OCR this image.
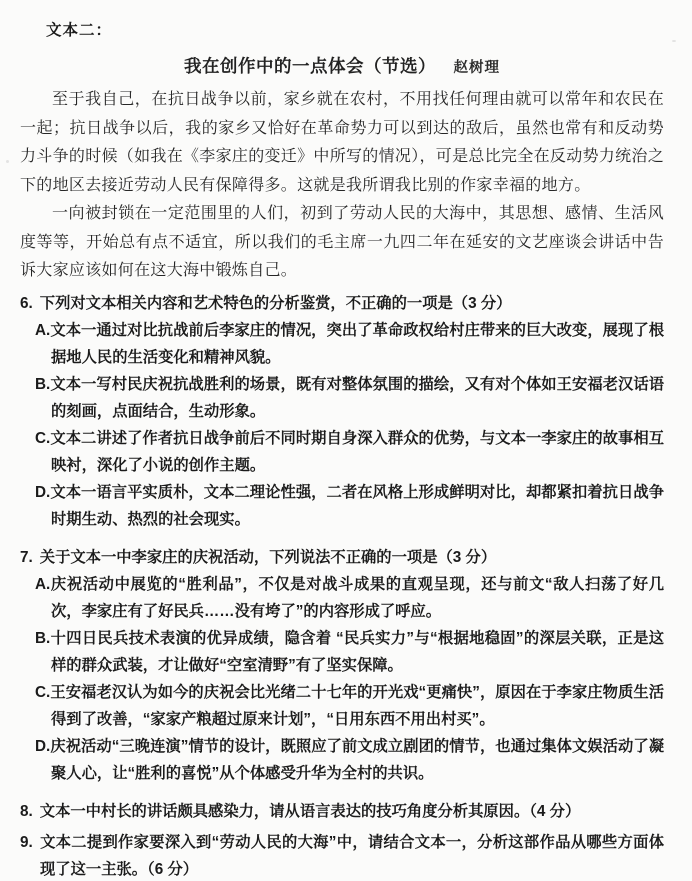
文本二：
我在创作中的一点体会（节选） 赵树理

至于我自己，在抗日战争以前，家乡就在农村，不用找任何理由就可以常年和农民在一起；抗日战争以后，我的家乡又恰好在革命势力可以到达的敌后，虽然也常有和反动势力斗争的时候（如我在《李家庄的变迁》中所写的情况），可是总比完全在反动势力统治之下的地区去接近劳动人民有保障得多。这就是我所谓我比别的作家幸福的地方。

一向被封锁在一定范围里的人们，初到了劳动人民的大海中，其思想、感情、生活风度等等，开始总有点不适宜，所以我们的毛主席一九四二年在延安的文艺座谈会讲话中告诉大家应该如何在这大海中锻炼自己。

6. 下列对文本相关内容和艺术特色的分析鉴赏，不正确的一项是（3 分）
A.文本一通过对比抗战前后李家庄的情况，突出了革命政权给村庄带来的巨大改变，展现了根据地人民的生活变化和精神风貌。
B.文本一写村民庆祝抗战胜利的场景，既有对整体氛围的描绘，又有对个体如王安福老汉话语的刻画，点面结合，生动形象。
C.文本二讲述了作者抗日战争前后不同时期自身深入群众的优势，与文本一李家庄的故事相互映衬，深化了小说的创作主题。
D.文本一语言平实质朴，文本二理论性强，二者在风格上形成鲜明对比，却都紧扣着抗日战争时期生动、热烈的社会现实。
7. 关于文本一中李家庄的庆祝活动，下列说法不正确的一项是（3 分）
A.庆祝活动中展览的“胜利品”，不仅是对战斗成果的直观呈现，还与前文“敌人扫荡了好几次，李家庄有了好民兵……没有垮了”的内容形成了呼应。
B.十四日民兵技术表演的优异成绩，隐含着 “民兵实力”与“根据地稳固”的深层关联，正是这样的群众武装，才让做好“空室清野”有了坚实保障。
C.王安福老汉认为如今的庆祝会比光绪二十七年的开光戏“更痛快”，原因在于李家庄物质生活得到了改善，“家家产粮超过原来计划”，“日用东西不用出村买”。
D.庆祝活动“三晚连演”情节的设计，既照应了前文成立剧团的情节，也通过集体文娱活动了凝聚人心，让“胜利的喜悦”从个体感受升华为全村的共识。
8. 文本一中村长的讲话颇具感染力，请从语言表达的技巧角度分析其原因。（4 分）
9. 文本二提到作家要深入到“劳动人民的大海”中，请结合文本一，分析这部作品从哪些方面体现了这一主张。（6 分）
